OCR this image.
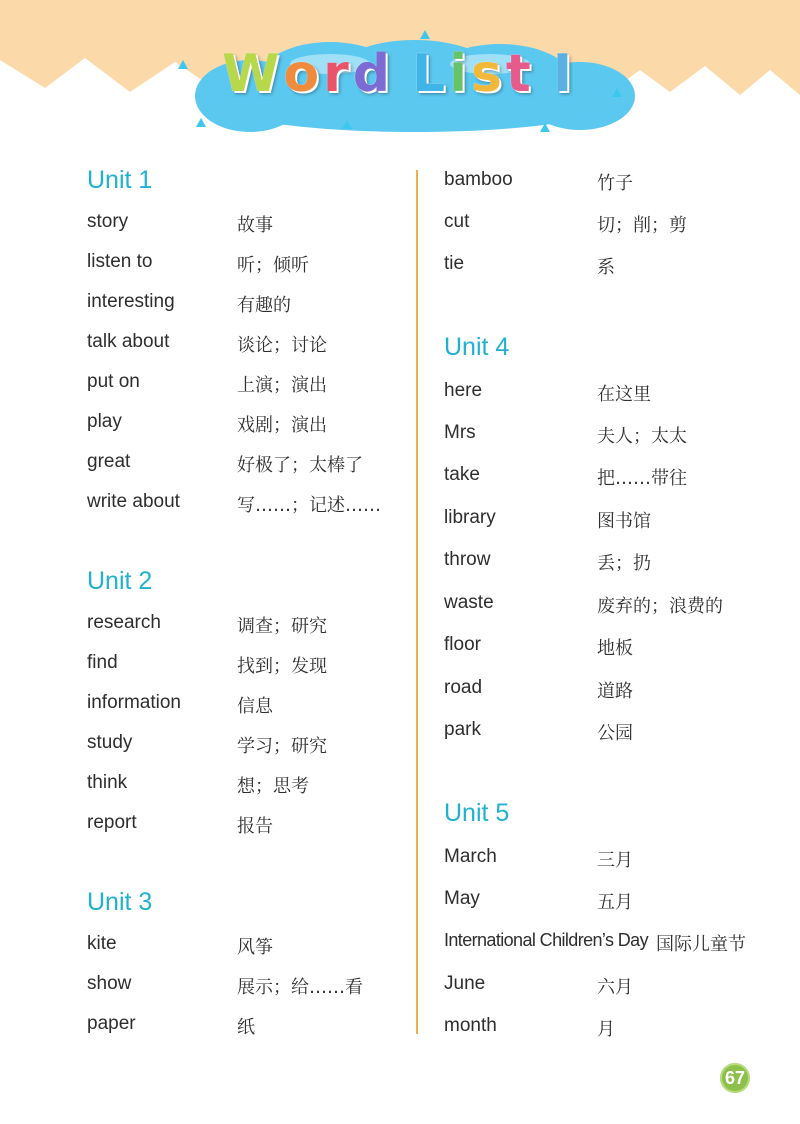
Word List I
Unit 1
story	故事
listen to	听；倾听
interesting	有趣的
talk about	谈论；讨论
put on	上演；演出
play	戏剧；演出
great	好极了；太棒了
write about	写……；记述……
Unit 2
research	调查；研究
find	找到；发现
information	信息
study	学习；研究
think	想；思考
report	报告
Unit 3
kite	风筝
show	展示；给……看
paper	纸
bamboo	竹子
cut	切；削；剪
tie	系
Unit 4
here	在这里
Mrs	夫人；太太
take	把……带往
library	图书馆
throw	丢；扔
waste	废弃的；浪费的
floor	地板
road	道路
park	公园
Unit 5
March	三月
May	五月
International Children’s Day 国际儿童节
June	六月
month	月
67
